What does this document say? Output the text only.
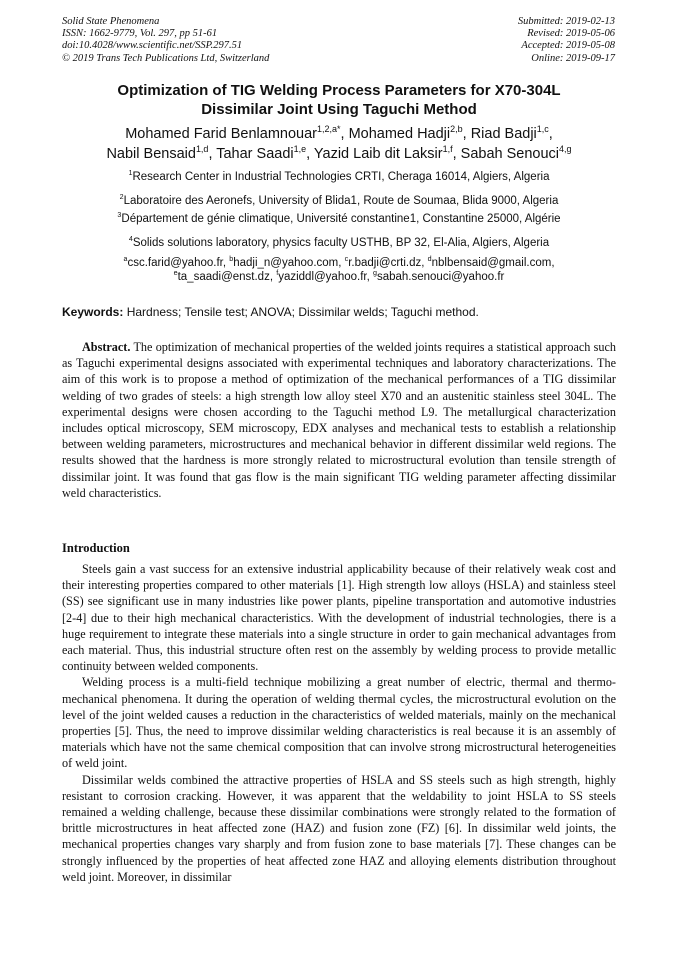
Solid State Phenomena
ISSN: 1662-9779, Vol. 297, pp 51-61
doi:10.4028/www.scientific.net/SSP.297.51
© 2019 Trans Tech Publications Ltd, Switzerland
Submitted: 2019-02-13
Revised: 2019-05-06
Accepted: 2019-05-08
Online: 2019-09-17
Optimization of TIG Welding Process Parameters for X70-304L
Dissimilar Joint Using Taguchi Method
Mohamed Farid Benlamnouar$^{1,2,a*}$, Mohamed Hadji$^{2,b}$, Riad Badji$^{1,c}$,
Nabil Bensaid$^{1,d}$, Tahar Saadi$^{1,e}$, Yazid Laib dit Laksir$^{1,f}$, Sabah Senouci$^{4,g}$
$^1$Research Center in Industrial Technologies CRTI, Cheraga 16014, Algiers, Algeria
$^2$Laboratoire des Aeronefs, University of Blida1, Route de Soumaa, Blida 9000, Algeria
$^3$Département de génie climatique, Université constantine1, Constantine 25000, Algérie
$^4$Solids solutions laboratory, physics faculty USTHB, BP 32, El-Alia, Algiers, Algeria
$^a$csc.farid@yahoo.fr, $^b$hadji_n@yahoo.com, $^c$r.badji@crti.dz, $^d$nblbensaid@gmail.com,
$^e$ta_saadi@enst.dz, $^f$yaziddl@yahoo.fr, $^g$sabah.senouci@yahoo.fr
Keywords: Hardness; Tensile test; ANOVA; Dissimilar welds; Taguchi method.

Abstract. The optimization of mechanical properties of the welded joints requires a statistical approach such as Taguchi experimental designs associated with experimental techniques and laboratory characterizations. The aim of this work is to propose a method of optimization of the mechanical performances of a TIG dissimilar welding of two grades of steels: a high strength low alloy steel X70 and an austenitic stainless steel 304L. The experimental designs were chosen according to the Taguchi method L9. The metallurgical characterization includes optical microscopy, SEM microscopy, EDX analyses and mechanical tests to establish a relationship between welding parameters, microstructures and mechanical behavior in different dissimilar weld regions. The results showed that the hardness is more strongly related to microstructural evolution than tensile strength of dissimilar joint. It was found that gas flow is the main significant TIG welding parameter affecting dissimilar weld characteristics.

Introduction

Steels gain a vast success for an extensive industrial applicability because of their relatively weak cost and their interesting properties compared to other materials [1]. High strength low alloys (HSLA) and stainless steel (SS) see significant use in many industries like power plants, pipeline transportation and automotive industries [2-4] due to their high mechanical characteristics. With the development of industrial technologies, there is a huge requirement to integrate these materials into a single structure in order to gain mechanical advantages from each material. Thus, this industrial structure often rest on the assembly by welding process to provide metallic continuity between welded components.

Welding process is a multi-field technique mobilizing a great number of electric, thermal and thermo-mechanical phenomena. It during the operation of welding thermal cycles, the microstructural evolution on the level of the joint welded causes a reduction in the characteristics of welded materials, mainly on the mechanical properties [5]. Thus, the need to improve dissimilar welding characteristics is real because it is an assembly of materials which have not the same chemical composition that can involve strong microstructural heterogeneities of weld joint.

Dissimilar welds combined the attractive properties of HSLA and SS steels such as high strength, highly resistant to corrosion cracking. However, it was apparent that the weldability to joint HSLA to SS steels remained a welding challenge, because these dissimilar combinations were strongly related to the formation of brittle microstructures in heat affected zone (HAZ) and fusion zone (FZ) [6]. In dissimilar weld joints, the mechanical properties changes vary sharply and from fusion zone to base materials [7]. These changes can be strongly influenced by the properties of heat affected zone HAZ and alloying elements distribution throughout weld joint. Moreover, in dissimilar
